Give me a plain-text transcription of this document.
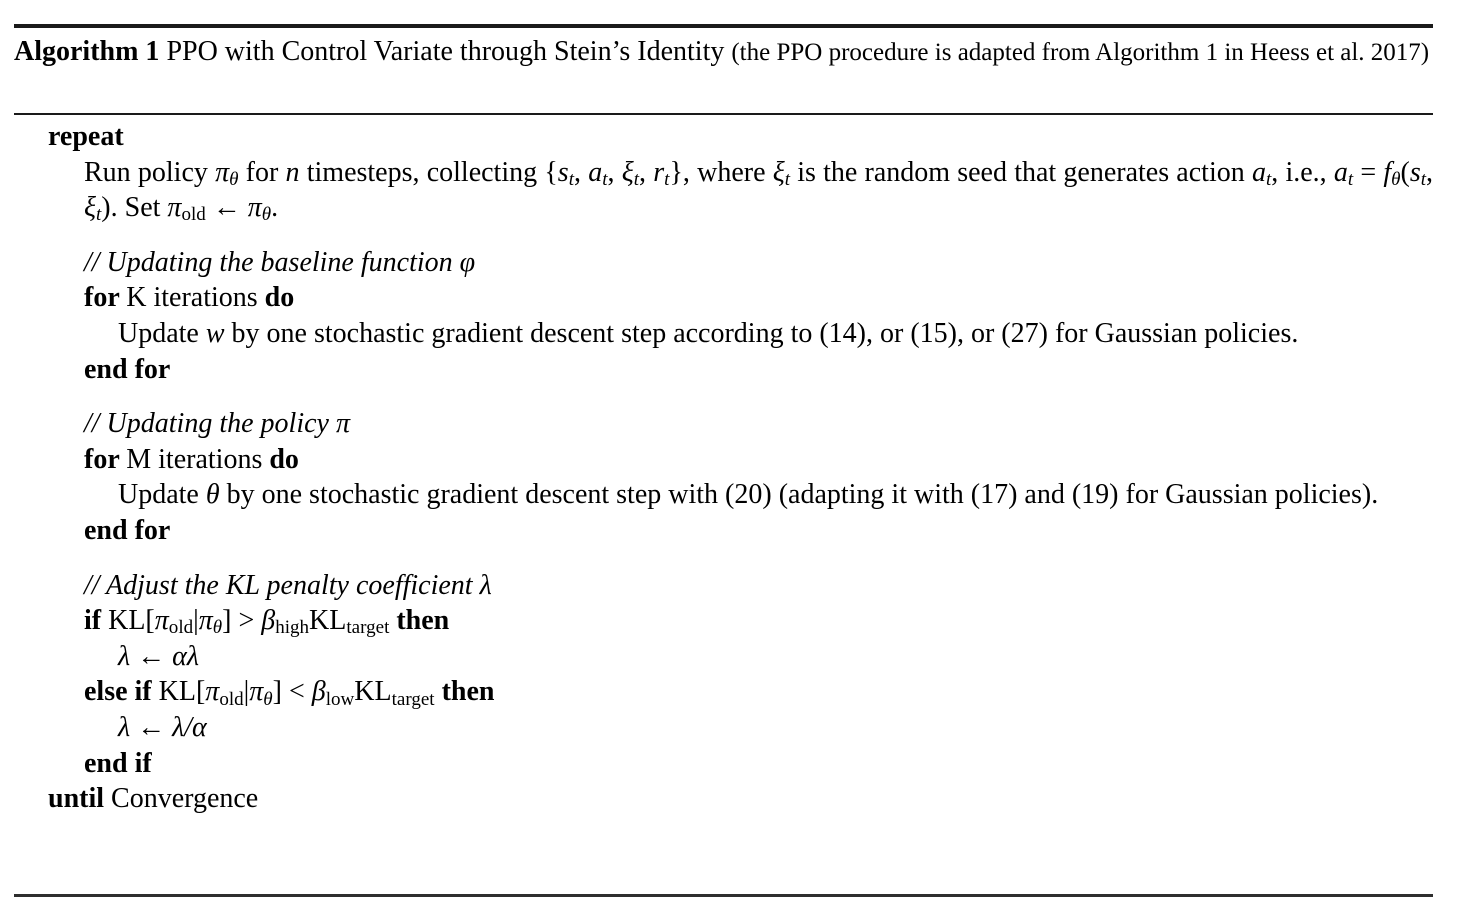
Algorithm 1 PPO with Control Variate through Stein’s Identity (the PPO procedure is adapted from Algorithm 1 in Heess et al. 2017)
repeat
Run policy πθ for n timesteps, collecting {st, at, ξt, rt}, where ξt is the random seed that generates action at, i.e., at = fθ(st, ξt). Set πold ← πθ.
// Updating the baseline function φ
for K iterations do
Update w by one stochastic gradient descent step according to (14), or (15), or (27) for Gaussian policies.
end for
// Updating the policy π
for M iterations do
Update θ by one stochastic gradient descent step with (20) (adapting it with (17) and (19) for Gaussian policies).
end for
// Adjust the KL penalty coefficient λ
if KL[πold|πθ] > βhighKLtarget then
λ ← αλ
else if KL[πold|πθ] < βlowKLtarget then
λ ← λ/α
end if
until Convergence
